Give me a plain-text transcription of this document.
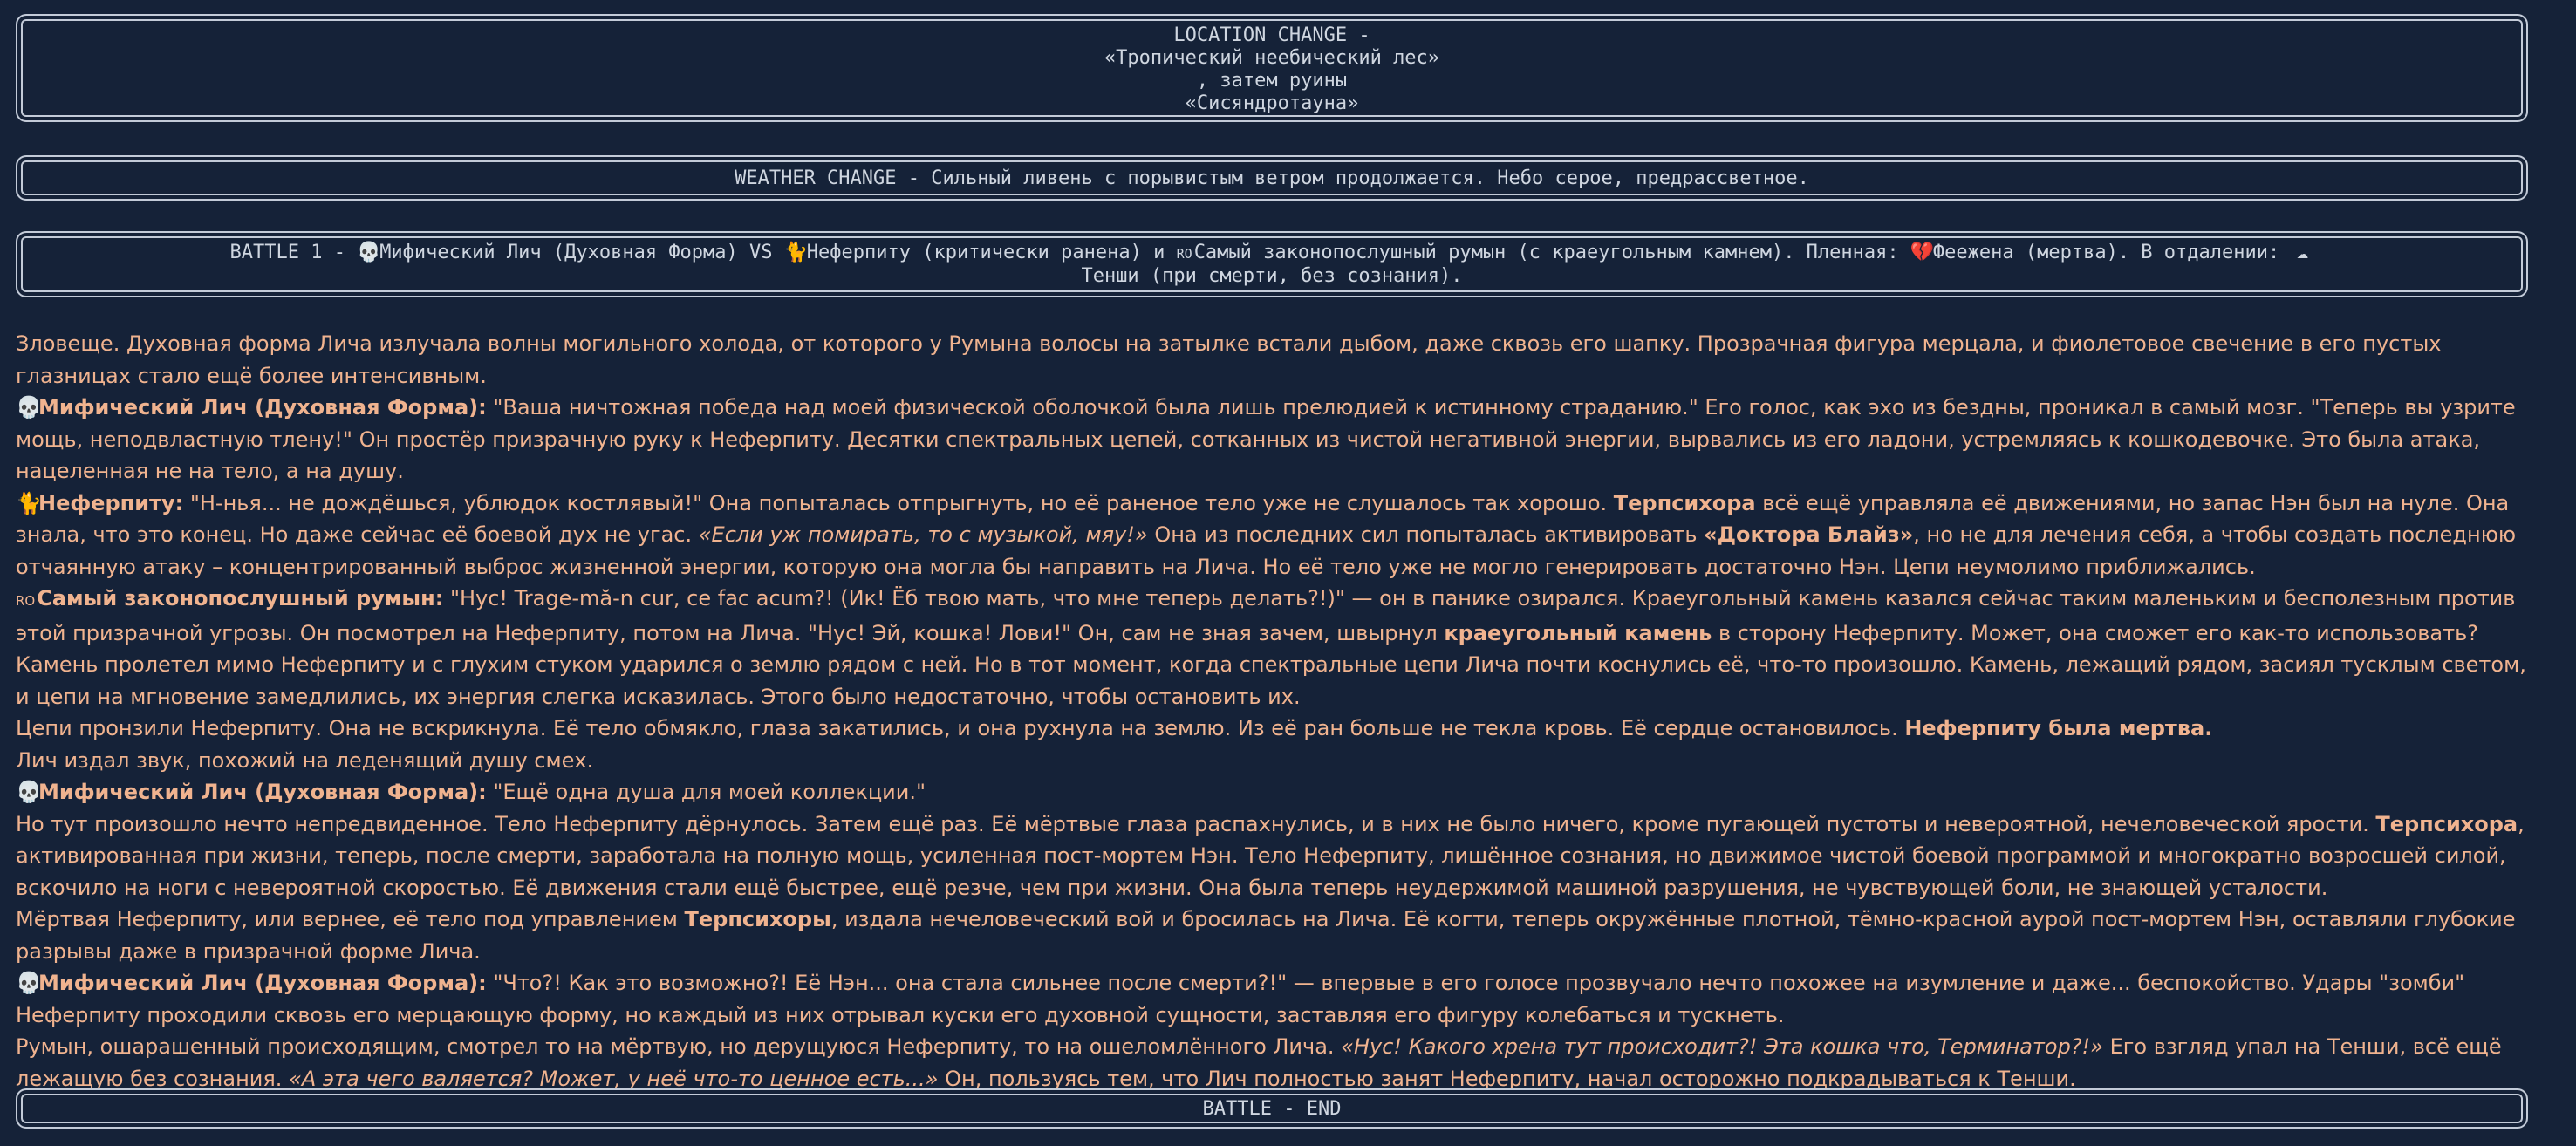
LOCATION CHANGE -
«Тропический неебический лес»
, затем руины
«Сисяндротауна»
WEATHER CHANGE - Сильный ливень с порывистым ветром продолжается. Небо серое, предрассветное.
BATTLE 1 - 💀Мифический Лич (Духовная Форма) VS 🐈Неферпиту (критически ранена) и ROСамый законопослушный румын (с краеугольным камнем). Пленная: 💔Феежена (мертва). В отдалении: ☁
Тенши (при смерти, без сознания).

Зловеще. Духовная форма Лича излучала волны могильного холода, от которого у Румына волосы на затылке встали дыбом, даже сквозь его шапку. Прозрачная фигура мерцала, и фиолетовое свечение в его пустых глазницах стало ещё более интенсивным.

💀Мифический Лич (Духовная Форма): "Ваша ничтожная победа над моей физической оболочкой была лишь прелюдией к истинному страданию." Его голос, как эхо из бездны, проникал в самый мозг. "Теперь вы узрите мощь, неподвластную тлену!" Он простёр призрачную руку к Неферпиту. Десятки спектральных цепей, сотканных из чистой негативной энергии, вырвались из его ладони, устремляясь к кошкодевочке. Это была атака, нацеленная не на тело, а на душу.

🐈Неферпиту: "Н-нья... не дождёшься, ублюдок костлявый!" Она попыталась отпрыгнуть, но её раненое тело уже не слушалось так хорошо. Терпсихора всё ещё управляла её движениями, но запас Нэн был на нуле. Она знала, что это конец. Но даже сейчас её боевой дух не угас. «Если уж помирать, то с музыкой, мяу!» Она из последних сил попыталась активировать «Доктора Блайз», но не для лечения себя, а чтобы создать последнюю отчаянную атаку – концентрированный выброс жизненной энергии, которую она могла бы направить на Лича. Но её тело уже не могло генерировать достаточно Нэн. Цепи неумолимо приближались.

ROСамый законопослушный румын: "Нус! Trage-mă-n cur, ce fac acum?! (Ик! Ёб твою мать, что мне теперь делать?!)" — он в панике озирался. Краеугольный камень казался сейчас таким маленьким и бесполезным против этой призрачной угрозы. Он посмотрел на Неферпиту, потом на Лича. "Нус! Эй, кошка! Лови!" Он, сам не зная зачем, швырнул краеугольный камень в сторону Неферпиту. Может, она сможет его как-то использовать?

Камень пролетел мимо Неферпиту и с глухим стуком ударился о землю рядом с ней. Но в тот момент, когда спектральные цепи Лича почти коснулись её, что-то произошло. Камень, лежащий рядом, засиял тусклым светом, и цепи на мгновение замедлились, их энергия слегка исказилась. Этого было недостаточно, чтобы остановить их.

Цепи пронзили Неферпиту. Она не вскрикнула. Её тело обмякло, глаза закатились, и она рухнула на землю. Из её ран больше не текла кровь. Её сердце остановилось. Неферпиту была мертва.

Лич издал звук, похожий на леденящий душу смех.

💀Мифический Лич (Духовная Форма): "Ещё одна душа для моей коллекции."

Но тут произошло нечто непредвиденное. Тело Неферпиту дёрнулось. Затем ещё раз. Её мёртвые глаза распахнулись, и в них не было ничего, кроме пугающей пустоты и невероятной, нечеловеческой ярости. Терпсихора, активированная при жизни, теперь, после смерти, заработала на полную мощь, усиленная пост-мортем Нэн. Тело Неферпиту, лишённое сознания, но движимое чистой боевой программой и многократно возросшей силой, вскочило на ноги с невероятной скоростью. Её движения стали ещё быстрее, ещё резче, чем при жизни. Она была теперь неудержимой машиной разрушения, не чувствующей боли, не знающей усталости.

Мёртвая Неферпиту, или вернее, её тело под управлением Терпсихоры, издала нечеловеческий вой и бросилась на Лича. Её когти, теперь окружённые плотной, тёмно-красной аурой пост-мортем Нэн, оставляли глубокие разрывы даже в призрачной форме Лича.

💀Мифический Лич (Духовная Форма): "Что?! Как это возможно?! Её Нэн... она стала сильнее после смерти?!" — впервые в его голосе прозвучало нечто похожее на изумление и даже... беспокойство. Удары "зомби" Неферпиту проходили сквозь его мерцающую форму, но каждый из них отрывал куски его духовной сущности, заставляя его фигуру колебаться и тускнеть.

Румын, ошарашенный происходящим, смотрел то на мёртвую, но дерущуюся Неферпиту, то на ошеломлённого Лича. «Нус! Какого хрена тут происходит?! Эта кошка что, Терминатор?!» Его взгляд упал на Тенши, всё ещё лежащую без сознания. «А эта чего валяется? Может, у неё что-то ценное есть...» Он, пользуясь тем, что Лич полностью занят Неферпиту, начал осторожно подкрадываться к Тенши.

BATTLE - END
